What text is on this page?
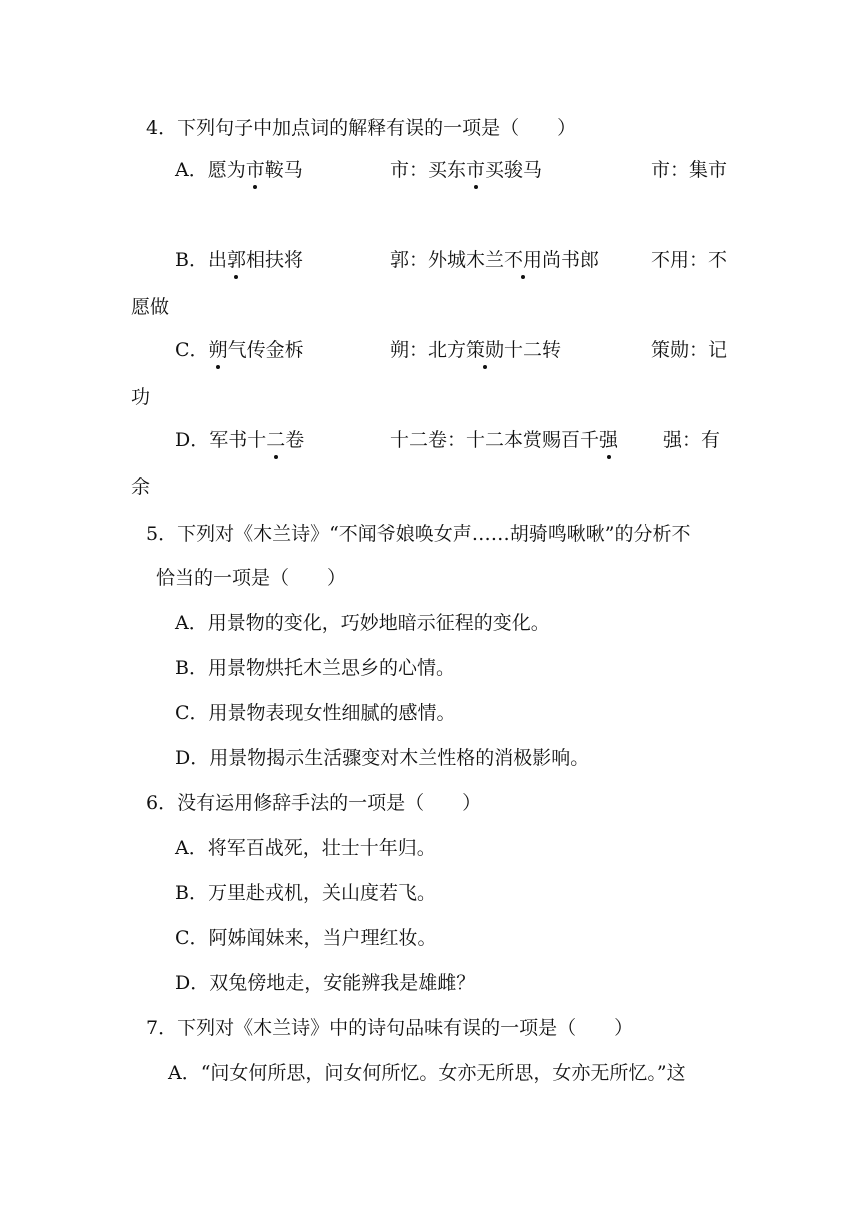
4．下列句子中加点词的解释有误的一项是（　　）
A．愿为市鞍马	市：买东市买骏马	市：集市
B．出郭相扶将	郭：外城木兰不用尚书郎	不用：不
愿做
C．朔气传金柝	朔：北方策勋十二转	策勋：记
功
D．军书十二卷	十二卷：十二本赏赐百千强 强：有
余
5．下列对《木兰诗》“不闻爷娘唤女声……胡骑鸣啾啾”的分析不
恰当的一项是（　　）
A．用景物的变化，巧妙地暗示征程的变化。
B．用景物烘托木兰思乡的心情。
C．用景物表现女性细腻的感情。
D．用景物揭示生活骤变对木兰性格的消极影响。
6．没有运用修辞手法的一项是（　　）
A．将军百战死，壮士十年归。
B．万里赴戎机，关山度若飞。
C．阿姊闻妹来，当户理红妆。
D．双兔傍地走，安能辨我是雄雌？
7．下列对《木兰诗》中的诗句品味有误的一项是（　　）
A．“问女何所思，问女何所忆。女亦无所思，女亦无所忆。”这
